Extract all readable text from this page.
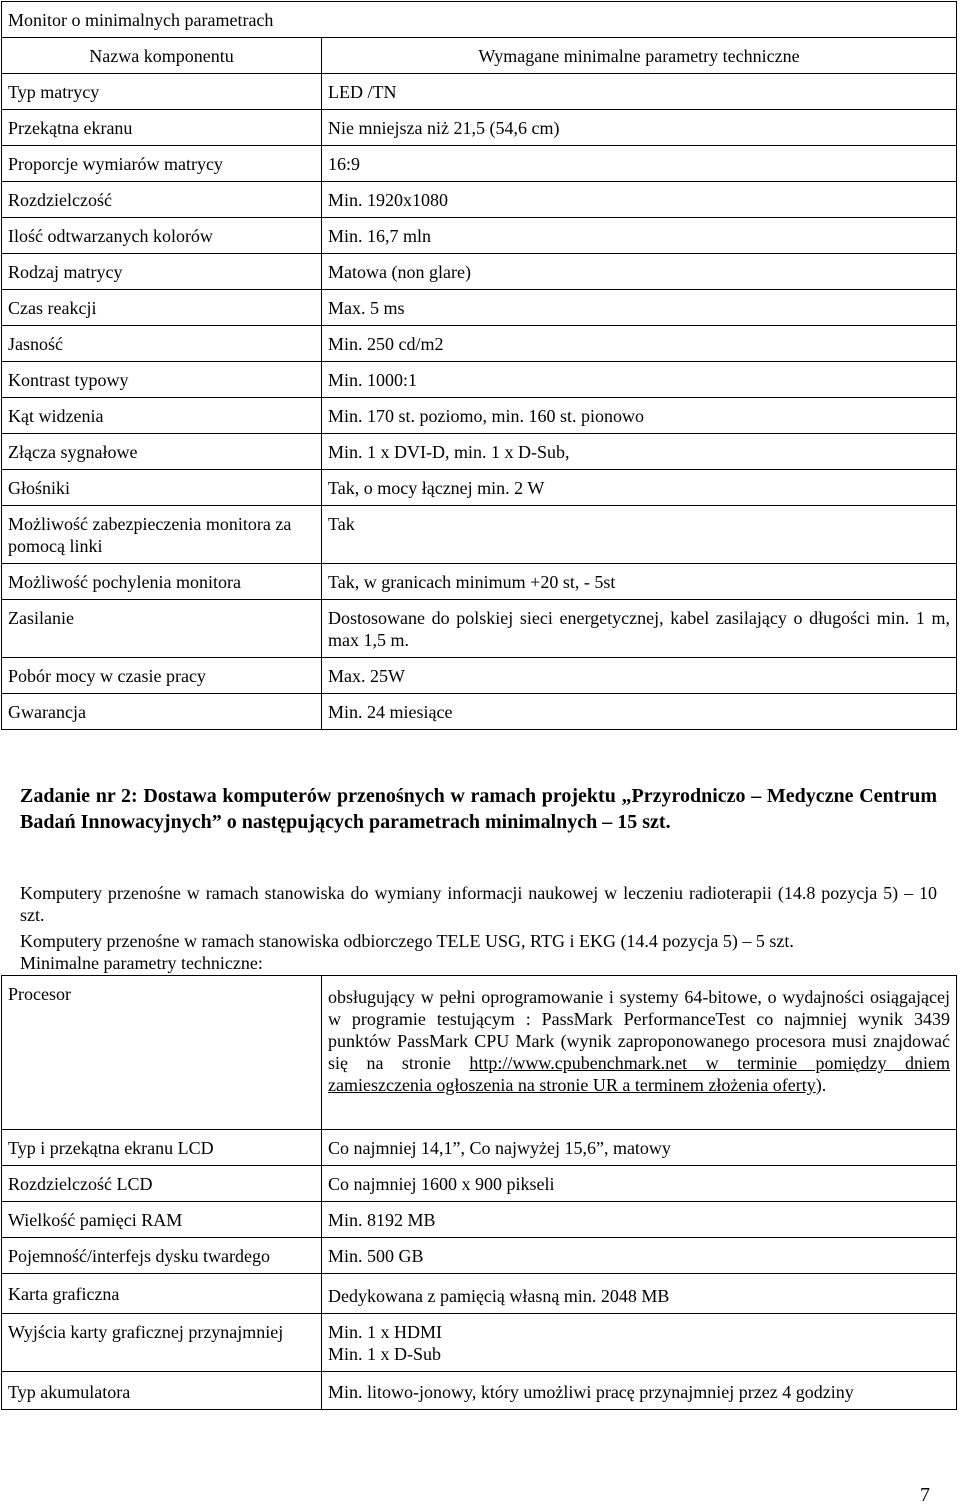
Monitor o minimalnych parametrach	
Nazwa komponentu	Wymagane minimalne parametry techniczne
Typ matrycy	LED /TN
Przekątna ekranu	Nie mniejsza niż 21,5 (54,6 cm)
Proporcje wymiarów matrycy	16:9
Rozdzielczość	Min. 1920x1080
Ilość odtwarzanych kolorów	Min. 16,7 mln
Rodzaj matrycy	Matowa (non glare)
Czas reakcji	Max. 5 ms
Jasność	Min. 250 cd/m2
Kontrast typowy	Min. 1000:1
Kąt widzenia	Min. 170 st. poziomo, min. 160 st. pionowo
Złącza sygnałowe	Min. 1 x DVI-D, min. 1 x D-Sub,
Głośniki	Tak, o mocy łącznej min. 2 W
Możliwość zabezpieczenia monitora za pomocą linki	Tak
Możliwość pochylenia monitora	Tak, w granicach minimum +20 st, - 5st
Zasilanie	Dostosowane do polskiej sieci energetycznej, kabel zasilający o długości min. 1 m, max 1,5 m.
Pobór mocy w czasie pracy	Max. 25W
Gwarancja	Min. 24 miesiące
Zadanie nr 2: Dostawa komputerów przenośnych w ramach projektu „Przyrodniczo – Medyczne Centrum Badań Innowacyjnych” o następujących parametrach minimalnych – 15 szt.
Komputery przenośne w ramach stanowiska do wymiany informacji naukowej w leczeniu radioterapii (14.8 pozycja 5) – 10 szt.
Komputery przenośne w ramach stanowiska odbiorczego TELE USG, RTG i EKG (14.4 pozycja 5) – 5 szt.
Minimalne parametry techniczne:
Procesor	obsługujący w pełni oprogramowanie i systemy 64-bitowe, o wydajności osiągającej w programie testującym : PassMark PerformanceTest co najmniej wynik 3439 punktów PassMark CPU Mark (wynik zaproponowanego procesora musi znajdować się na stronie http://www.cpubenchmark.net w terminie pomiędzy dniem zamieszczenia ogłoszenia na stronie UR a terminem złożenia oferty).
Typ i przekątna ekranu LCD	Co najmniej 14,1”, Co najwyżej 15,6”, matowy
Rozdzielczość LCD	Co najmniej 1600 x 900 pikseli
Wielkość pamięci RAM	Min. 8192 MB
Pojemność/interfejs dysku twardego	Min. 500 GB
Karta graficzna	Dedykowana z pamięcią własną min. 2048 MB
Wyjścia karty graficznej przynajmniej	Min. 1 x HDMI
Min. 1 x D-Sub

Typ akumulatora	Min. litowo-jonowy, który umożliwi pracę przynajmniej przez 4 godziny
7
